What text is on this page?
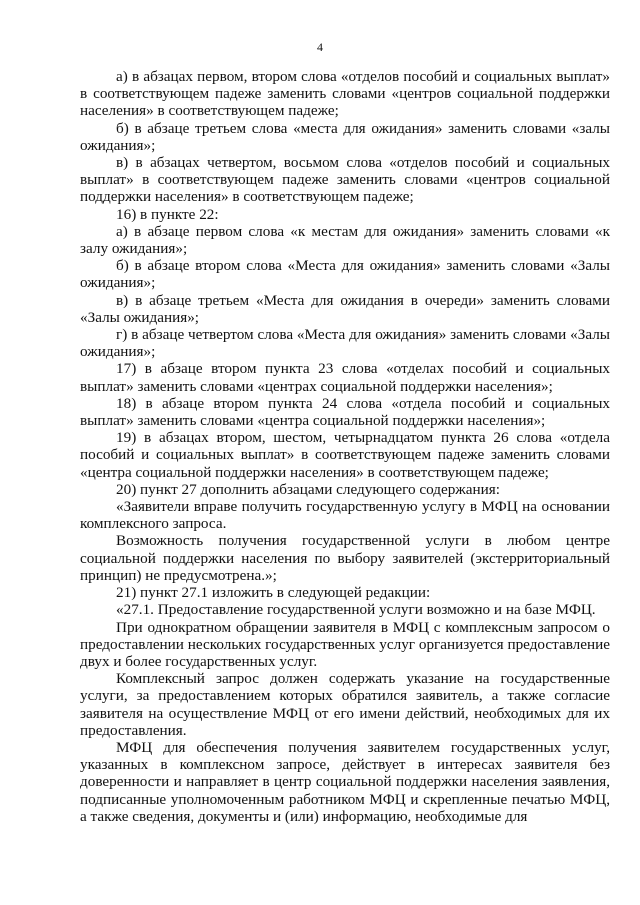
4

а) в абзацах первом, втором слова «отделов пособий и социальных выплат» в соответствующем падеже заменить словами «центров социальной поддержки населения» в соответствующем падеже;

б) в абзаце третьем слова «места для ожидания» заменить словами «залы ожидания»;

в) в абзацах четвертом, восьмом слова «отделов пособий и социальных выплат» в соответствующем падеже заменить словами «центров социальной поддержки населения» в соответствующем падеже;

16) в пункте 22:

а) в абзаце первом слова «к местам для ожидания» заменить словами «к залу ожидания»;

б) в абзаце втором слова «Места для ожидания» заменить словами «Залы ожидания»;

в) в абзаце третьем «Места для ожидания в очереди» заменить словами «Залы ожидания»;

г) в абзаце четвертом слова «Места для ожидания» заменить словами «Залы ожидания»;

17) в абзаце втором пункта 23 слова «отделах пособий и социальных выплат» заменить словами «центрах социальной поддержки населения»;

18) в абзаце втором пункта 24 слова «отдела пособий и социальных выплат» заменить словами «центра социальной поддержки населения»;

19) в абзацах втором, шестом, четырнадцатом пункта 26 слова «отдела пособий и социальных выплат» в соответствующем падеже заменить словами «центра социальной поддержки населения» в соответствующем падеже;

20) пункт 27 дополнить абзацами следующего содержания:

«Заявители вправе получить государственную услугу в МФЦ на основании комплексного запроса.

Возможность получения государственной услуги в любом центре социальной поддержки населения по выбору заявителей (экстерриториальный принцип) не предусмотрена.»;

21) пункт 27.1 изложить в следующей редакции:

«27.1. Предоставление государственной услуги возможно и на базе МФЦ.

При однократном обращении заявителя в МФЦ с комплексным запросом о предоставлении нескольких государственных услуг организуется предоставление двух и более государственных услуг.

Комплексный запрос должен содержать указание на государственные услуги, за предоставлением которых обратился заявитель, а также согласие заявителя на осуществление МФЦ от его имени действий, необходимых для их предоставления.

МФЦ для обеспечения получения заявителем государственных услуг, указанных в комплексном запросе, действует в интересах заявителя без доверенности и направляет в центр социальной поддержки населения заявления, подписанные уполномоченным работником МФЦ и скрепленные печатью МФЦ, а также сведения, документы и (или) информацию, необходимые для
